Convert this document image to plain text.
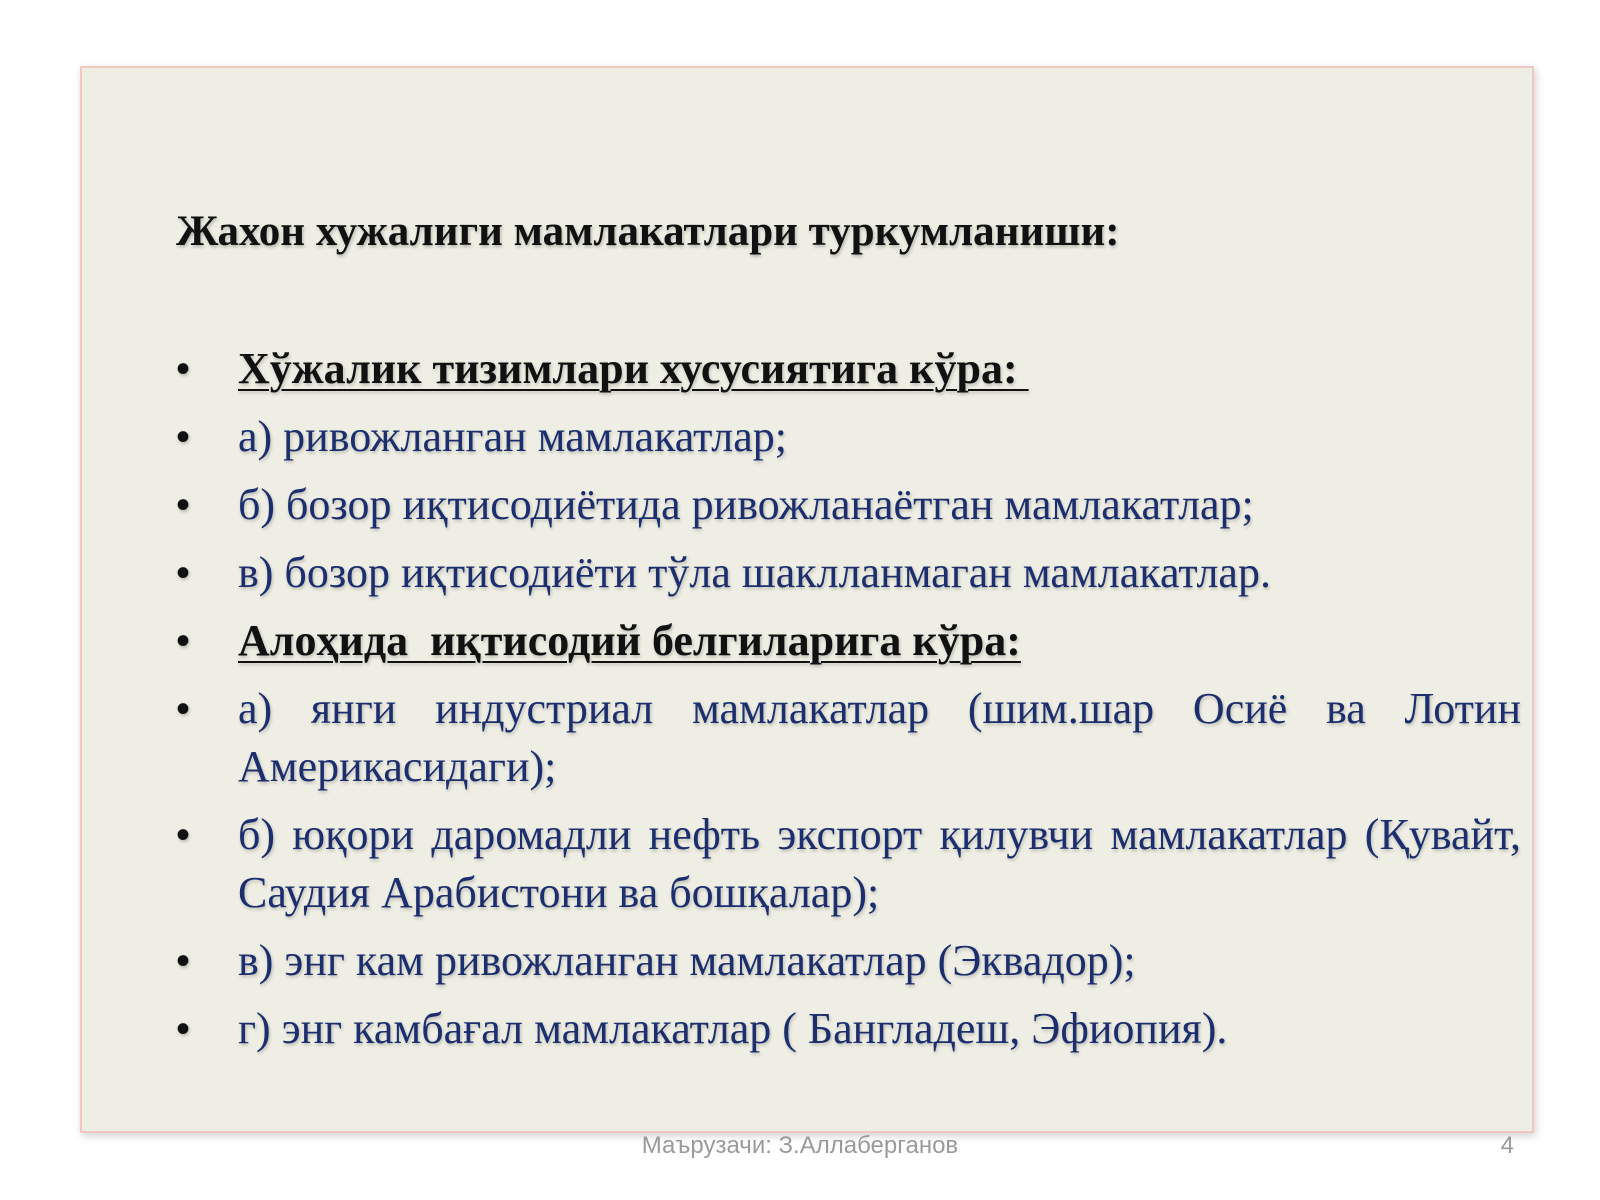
Жахон хужалиги мамлакатлари туркумланиши:
• Хўжалик тизимлари хусусиятига кўра:
• а) ривожланган мамлакатлар;
• б) бозор иқтисодиётида ривожланаётган мамлакатлар;
• в) бозор иқтисодиёти тўла шаклланмаган мамлакатлар.
• Алоҳида  иқтисодий белгиларига кўра:
• а) янги индустриал мамлакатлар (шим.шар Осиё ва Лотин Америкасидаги);
• б) юқори даромадли нефть экспорт қилувчи мамлакатлар (Қувайт, Саудия Арабистони ва бошқалар);
• в) энг кам ривожланган мамлакатлар (Эквадор);
• г) энг камбағал мамлакатлар ( Бангладеш, Эфиопия).
Маърузачи: З.Аллаберганов	4
